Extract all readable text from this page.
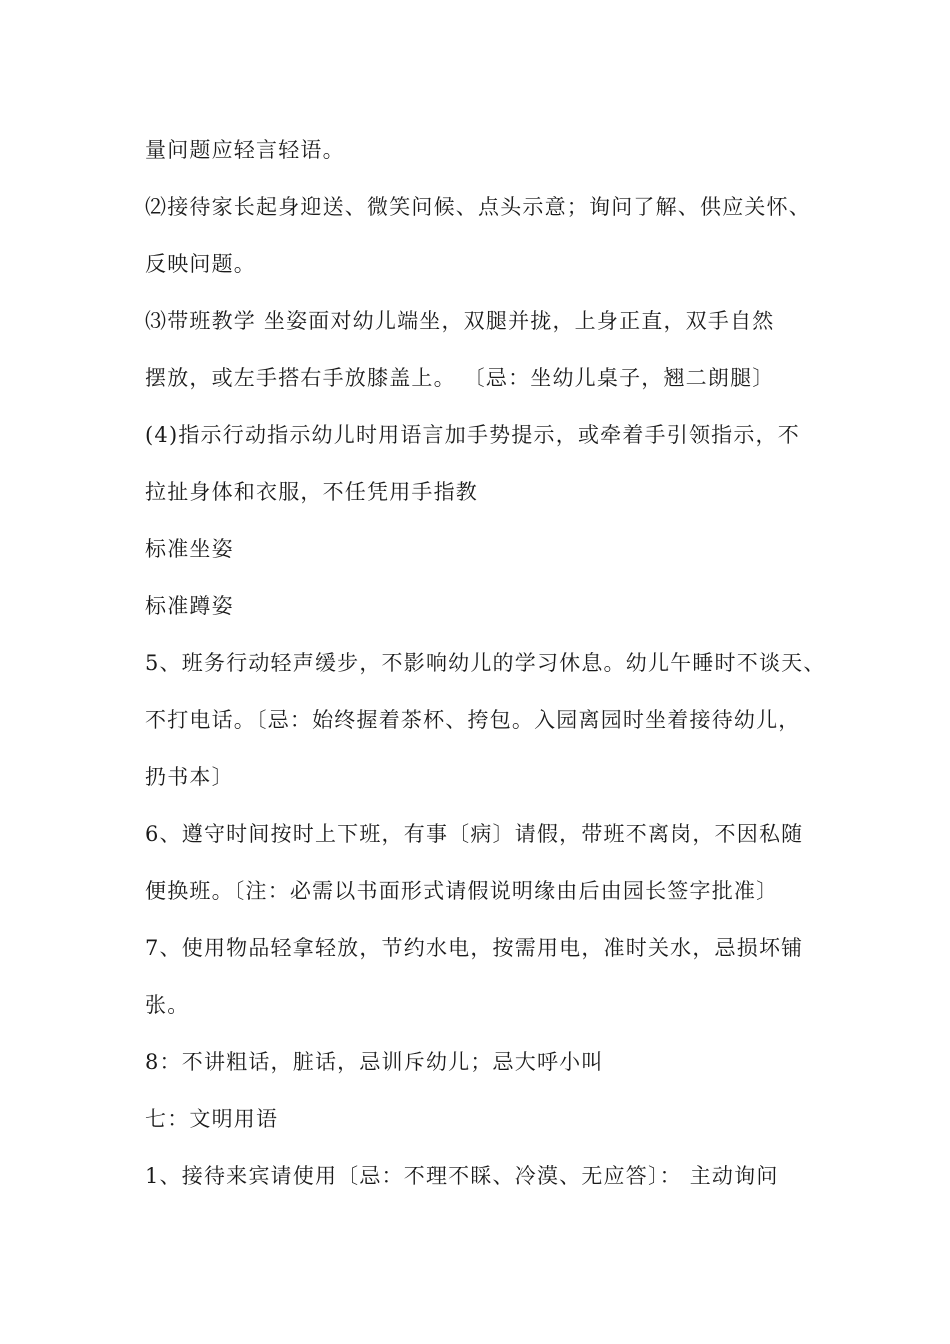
量问题应轻言轻语。
⑵接待家长起身迎送、微笑问候、点头示意；询问了解、供应关怀、
反映问题。
⑶带班教学 坐姿面对幼儿端坐，双腿并拢，上身正直，双手自然
摆放，或左手搭右手放膝盖上。 〔忌：坐幼儿桌子，翘二朗腿〕
(4)指示行动指示幼儿时用语言加手势提示，或牵着手引领指示，不
拉扯身体和衣服，不任凭用手指教
标准坐姿
标准蹲姿
5、班务行动轻声缓步，不影响幼儿的学习休息。幼儿午睡时不谈天、
不打电话。〔忌：始终握着茶杯、挎包。入园离园时坐着接待幼儿，
扔书本〕
6、遵守时间按时上下班，有事〔病〕请假，带班不离岗，不因私随
便换班。〔注：必需以书面形式请假说明缘由后由园长签字批准〕
7、使用物品轻拿轻放，节约水电，按需用电，准时关水，忌损坏铺
张。
8：不讲粗话，脏话，忌训斥幼儿；忌大呼小叫
七：文明用语
1、接待来宾请使用〔忌：不理不睬、冷漠、无应答〕： 主动询问
